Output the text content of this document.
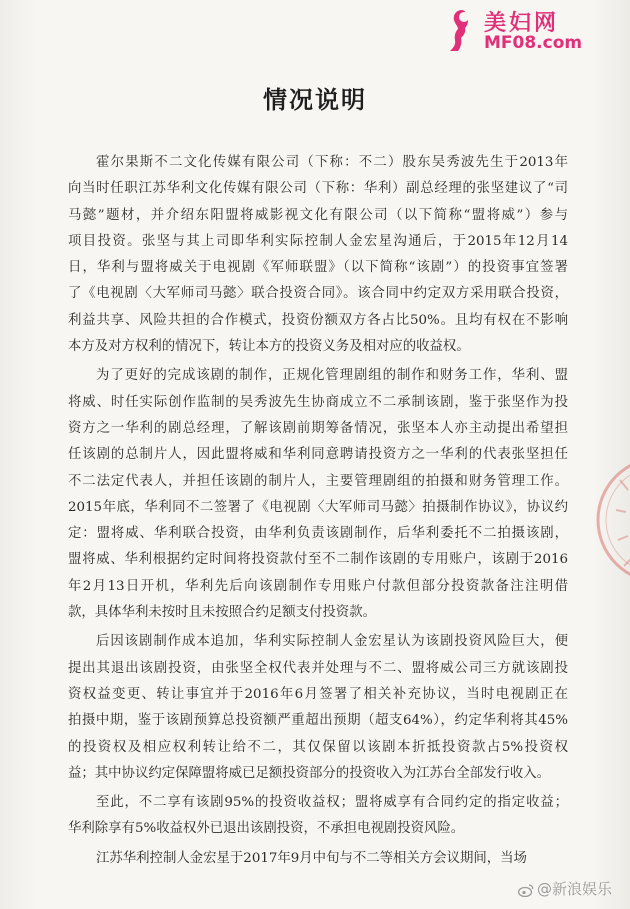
美妇网
MF08.com
情况说明
霍尔果斯不二文化传媒有限公司（下称：不二）股东吴秀波先生于2013年
向当时任职江苏华利文化传媒有限公司（下称：华利）副总经理的张坚建议了“司
马懿”题材，并介绍东阳盟将威影视文化有限公司（以下简称“盟将威”）参与
项目投资。张坚与其上司即华利实际控制人金宏星沟通后，于2015年12月14
日，华利与盟将威关于电视剧《军师联盟》（以下简称“该剧”）的投资事宜签署
了《电视剧〈大军师司马懿〉联合投资合同》。该合同中约定双方采用联合投资，
利益共享、风险共担的合作模式，投资份额双方各占比50%。且均有权在不影响
本方及对方权利的情况下，转让本方的投资义务及相对应的收益权。
为了更好的完成该剧的制作，正规化管理剧组的制作和财务工作，华利、盟
将威、时任实际创作监制的吴秀波先生协商成立不二承制该剧，鉴于张坚作为投
资方之一华利的剧总经理，了解该剧前期筹备情况，张坚本人亦主动提出希望担
任该剧的总制片人，因此盟将威和华利同意聘请投资方之一华利的代表张坚担任
不二法定代表人，并担任该剧的制片人，主要管理剧组的拍摄和财务管理工作。
2015年底，华利同不二签署了《电视剧〈大军师司马懿〉拍摄制作协议》，协议约
定：盟将威、华利联合投资，由华利负责该剧制作，后华利委托不二拍摄该剧，
盟将威、华利根据约定时间将投资款付至不二制作该剧的专用账户，该剧于2016
年2月13日开机，华利先后向该剧制作专用账户付款但部分投资款备注注明借
款，具体华利未按时且未按照合约足额支付投资款。
后因该剧制作成本追加，华利实际控制人金宏星认为该剧投资风险巨大，便
提出其退出该剧投资，由张坚全权代表并处理与不二、盟将威公司三方就该剧投
资权益变更、转让事宜并于2016年6月签署了相关补充协议，当时电视剧正在
拍摄中期，鉴于该剧预算总投资额严重超出预期（超支64%），约定华利将其45%
的投资权及相应权利转让给不二，其仅保留以该剧本折抵投资款占5%投资权
益；其中协议约定保障盟将威已足额投资部分的投资收入为江苏台全部发行收入。
至此，不二享有该剧95%的投资收益权；盟将威享有合同约定的指定收益；
华利除享有5%收益权外已退出该剧投资，不承担电视剧投资风险。
江苏华利控制人金宏星于2017年9月中旬与不二等相关方会议期间，当场
@新浪娱乐
